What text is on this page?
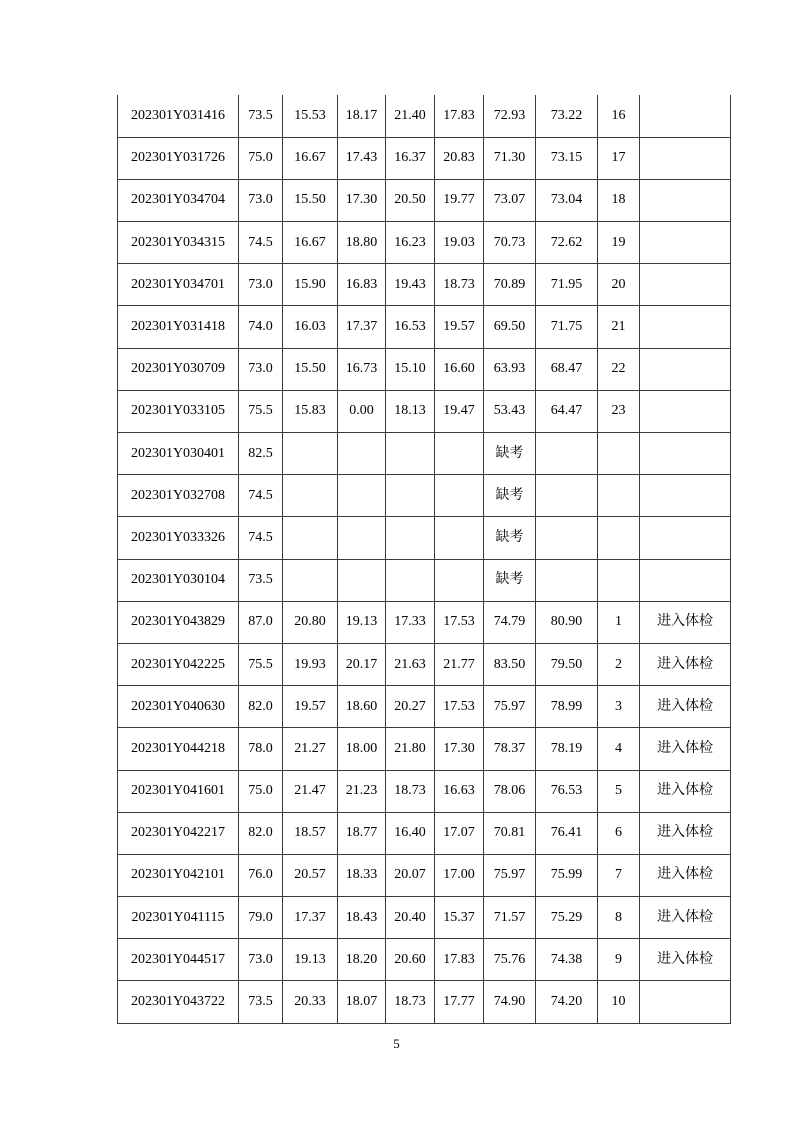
202301Y031416	73.5	15.53	18.17	21.40	17.83	72.93	73.22	16	
202301Y031726	75.0	16.67	17.43	16.37	20.83	71.30	73.15	17	
202301Y034704	73.0	15.50	17.30	20.50	19.77	73.07	73.04	18	
202301Y034315	74.5	16.67	18.80	16.23	19.03	70.73	72.62	19	
202301Y034701	73.0	15.90	16.83	19.43	18.73	70.89	71.95	20	
202301Y031418	74.0	16.03	17.37	16.53	19.57	69.50	71.75	21	
202301Y030709	73.0	15.50	16.73	15.10	16.60	63.93	68.47	22	
202301Y033105	75.5	15.83	0.00	18.13	19.47	53.43	64.47	23	
202301Y030401	82.5					缺考			
202301Y032708	74.5					缺考			
202301Y033326	74.5					缺考			
202301Y030104	73.5					缺考			
202301Y043829	87.0	20.80	19.13	17.33	17.53	74.79	80.90	1	进入体检
202301Y042225	75.5	19.93	20.17	21.63	21.77	83.50	79.50	2	进入体检
202301Y040630	82.0	19.57	18.60	20.27	17.53	75.97	78.99	3	进入体检
202301Y044218	78.0	21.27	18.00	21.80	17.30	78.37	78.19	4	进入体检
202301Y041601	75.0	21.47	21.23	18.73	16.63	78.06	76.53	5	进入体检
202301Y042217	82.0	18.57	18.77	16.40	17.07	70.81	76.41	6	进入体检
202301Y042101	76.0	20.57	18.33	20.07	17.00	75.97	75.99	7	进入体检
202301Y041115	79.0	17.37	18.43	20.40	15.37	71.57	75.29	8	进入体检
202301Y044517	73.0	19.13	18.20	20.60	17.83	75.76	74.38	9	进入体检
202301Y043722	73.5	20.33	18.07	18.73	17.77	74.90	74.20	10	
5
